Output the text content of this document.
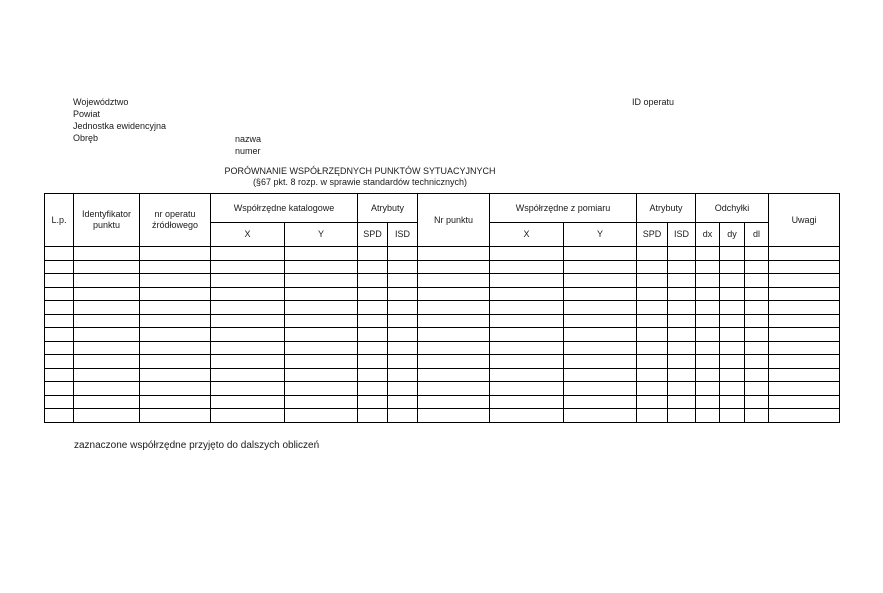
Województwo
Powiat
Jednostka ewidencyjna
Obręb	nazwa
numer
ID operatu
PORÓWNANIE WSPÓŁRZĘDNYCH PUNKTÓW SYTUACYJNYCH
(§67 pkt. 8 rozp. w sprawie standardów technicznych)
L.p.	Identyfikator punktu	nr operatu źródłowego	Współrzędne katalogowe		Atrybuty		Nr punktu	Współrzędne z pomiaru		Atrybuty		Odchyłki			Uwagi
			X	Y	SPD	ISD		X	Y	SPD	ISD	dx	dy	dl	

zaznaczone współrzędne przyjęto do dalszych obliczeń
